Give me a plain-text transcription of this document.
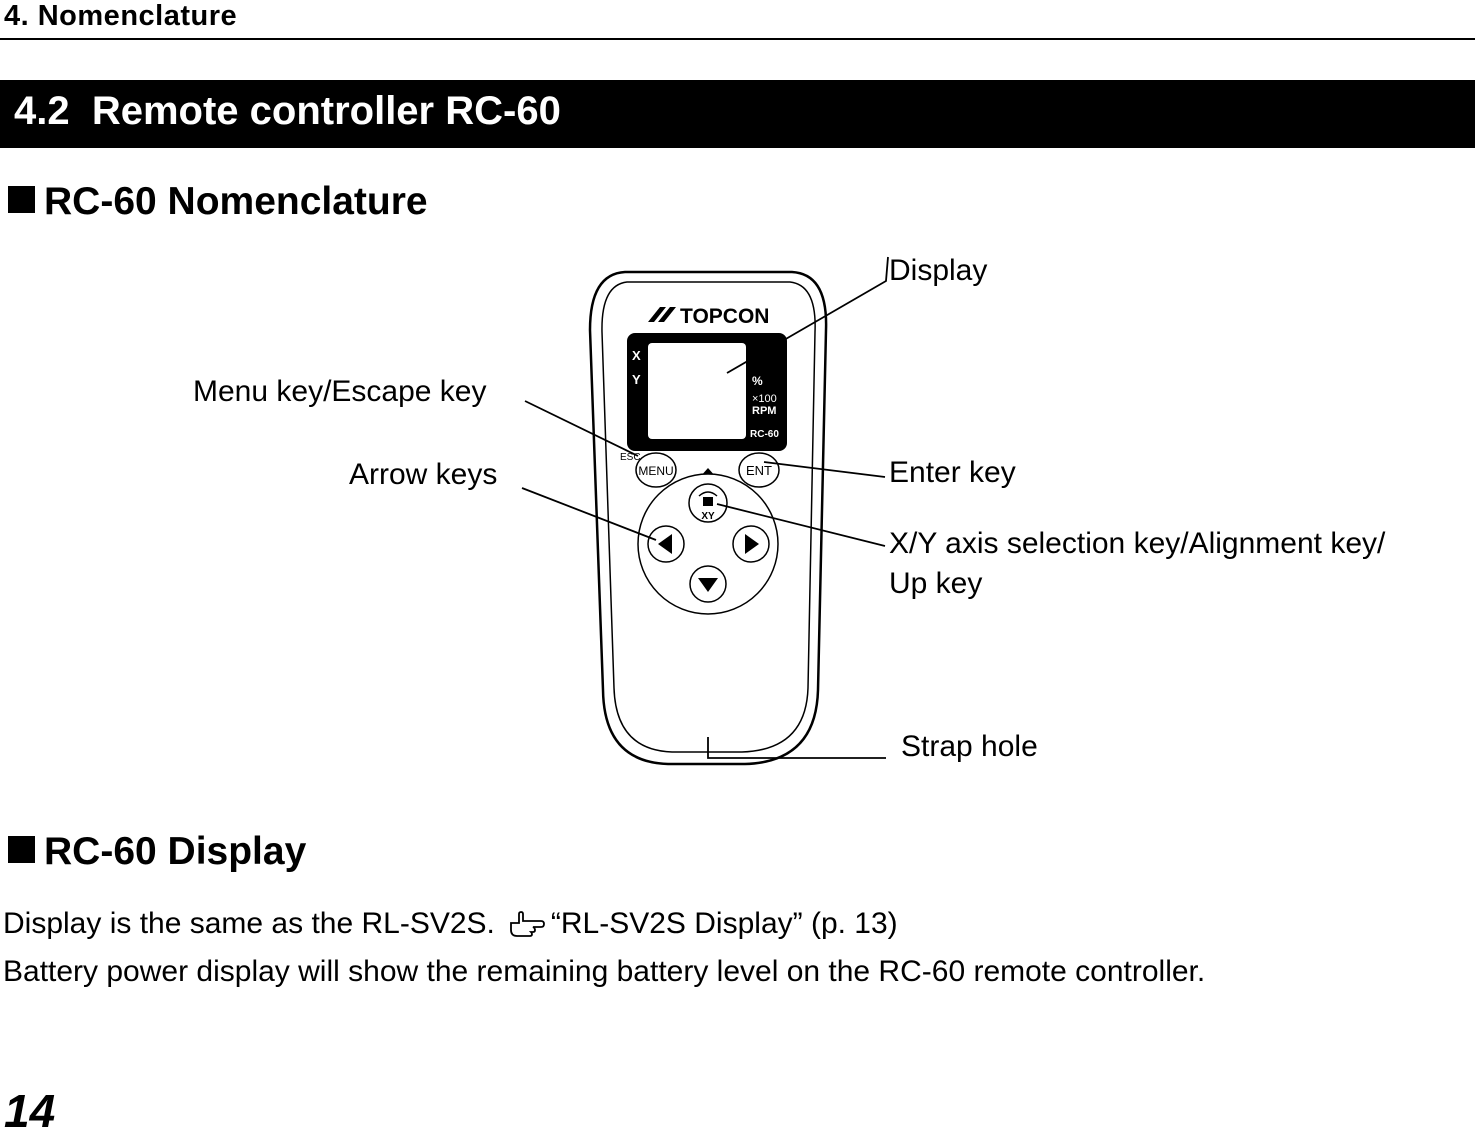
4. Nomenclature
4.2  Remote controller RC-60
RC-60 Nomenclature
TOPCON
X
Y	%
×100
RPM
RC-60
ESC
MENU	ENT
XY
Display
Menu key/Escape key
Arrow keys	Enter key
X/Y axis selection key/Alignment key/
Up key
Strap hole
RC-60 Display
Display is the same as the RL-SV2S. “RL-SV2S Display” (p. 13)
Battery power display will show the remaining battery level on the RC-60 remote controller.
14
